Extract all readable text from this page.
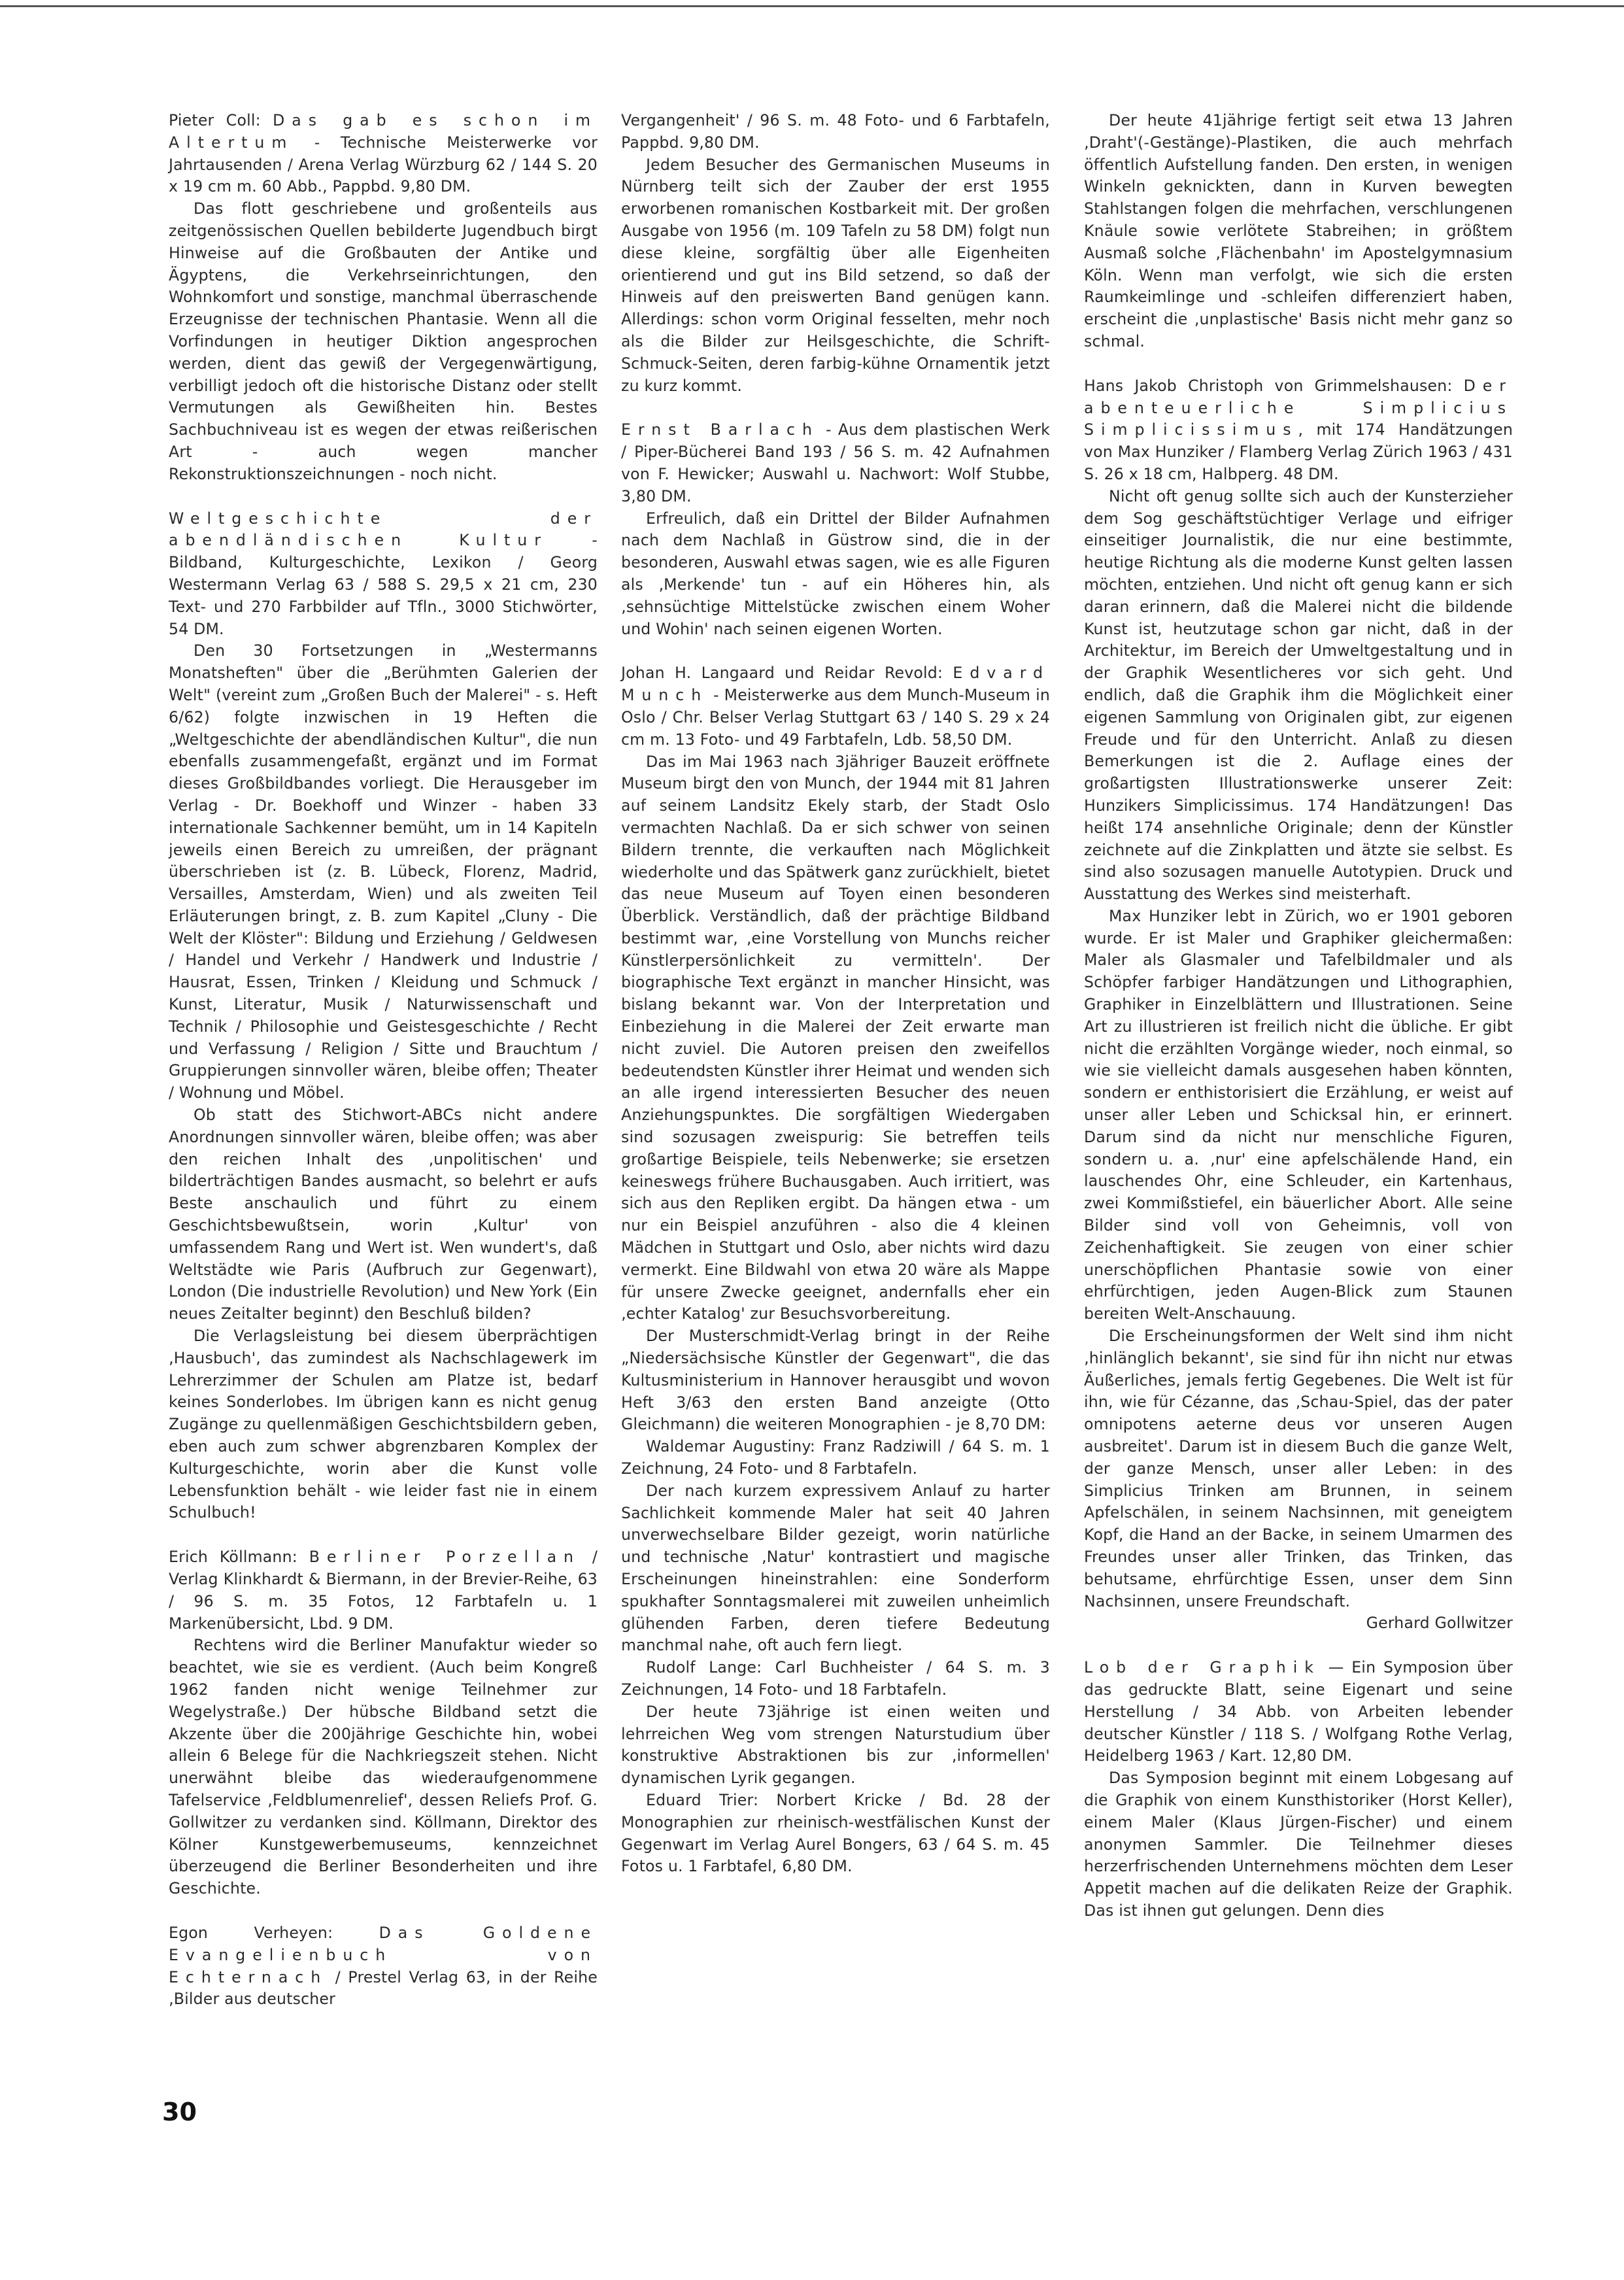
Pieter Coll: Das gab es schon im Altertum - Technische Meisterwerke vor Jahrtausenden / Arena Verlag Würzburg 62 / 144 S. 20 x 19 cm m. 60 Abb., Pappbd. 9,80 DM.

Das flott geschriebene und großenteils aus zeitgenössischen Quellen bebilderte Jugendbuch birgt Hinweise auf die Großbauten der Antike und Ägyptens, die Verkehrseinrichtungen, den Wohnkomfort und sonstige, manchmal überraschende Erzeugnisse der technischen Phantasie. Wenn all die Vorfindungen in heutiger Diktion angesprochen werden, dient das gewiß der Vergegenwärtigung, verbilligt jedoch oft die historische Distanz oder stellt Vermutungen als Gewißheiten hin. Bestes Sachbuchniveau ist es wegen der etwas reißerischen Art - auch wegen mancher Rekonstruktionszeichnungen - noch nicht.

Weltgeschichte der abendländischen Kultur - Bildband, Kulturgeschichte, Lexikon / Georg Westermann Verlag 63 / 588 S. 29,5 x 21 cm, 230 Text- und 270 Farbbilder auf Tfln., 3000 Stichwörter, 54 DM.

Den 30 Fortsetzungen in „Westermanns Monatsheften" über die „Berühmten Galerien der Welt" (vereint zum „Großen Buch der Malerei" - s. Heft 6/62) folgte inzwischen in 19 Heften die „Weltgeschichte der abendländischen Kultur", die nun ebenfalls zusammengefaßt, ergänzt und im Format dieses Großbildbandes vorliegt. Die Herausgeber im Verlag - Dr. Boekhoff und Winzer - haben 33 internationale Sachkenner bemüht, um in 14 Kapiteln jeweils einen Bereich zu umreißen, der prägnant überschrieben ist (z. B. Lübeck, Florenz, Madrid, Versailles, Amsterdam, Wien) und als zweiten Teil Erläuterungen bringt, z. B. zum Kapitel „Cluny - Die Welt der Klöster": Bildung und Erziehung / Geldwesen / Handel und Verkehr / Handwerk und Industrie / Hausrat, Essen, Trinken / Kleidung und Schmuck / Kunst, Literatur, Musik / Naturwissenschaft und Technik / Philosophie und Geistesgeschichte / Recht und Verfassung / Religion / Sitte und Brauchtum / Gruppierungen sinnvoller wären, bleibe offen; Theater / Wohnung und Möbel.

Ob statt des Stichwort-ABCs nicht andere Anordnungen sinnvoller wären, bleibe offen; was aber den reichen Inhalt des ‚unpolitischen' und bilderträchtigen Bandes ausmacht, so belehrt er aufs Beste anschaulich und führt zu einem Geschichtsbewußtsein, worin ‚Kultur' von umfassendem Rang und Wert ist. Wen wundert's, daß Weltstädte wie Paris (Aufbruch zur Gegenwart), London (Die industrielle Revolution) und New York (Ein neues Zeitalter beginnt) den Beschluß bilden?

Die Verlagsleistung bei diesem überprächtigen ‚Hausbuch', das zumindest als Nachschlagewerk im Lehrerzimmer der Schulen am Platze ist, bedarf keines Sonderlobes. Im übrigen kann es nicht genug Zugänge zu quellenmäßigen Geschichtsbildern geben, eben auch zum schwer abgrenzbaren Komplex der Kulturgeschichte, worin aber die Kunst volle Lebensfunktion behält - wie leider fast nie in einem Schulbuch!

Erich Köllmann: Berliner Porzellan / Verlag Klinkhardt & Biermann, in der Brevier-Reihe, 63 / 96 S. m. 35 Fotos, 12 Farbtafeln u. 1 Markenübersicht, Lbd. 9 DM.

Rechtens wird die Berliner Manufaktur wieder so beachtet, wie sie es verdient. (Auch beim Kongreß 1962 fanden nicht wenige Teilnehmer zur Wegelystraße.) Der hübsche Bildband setzt die Akzente über die 200jährige Geschichte hin, wobei allein 6 Belege für die Nachkriegszeit stehen. Nicht unerwähnt bleibe das wiederaufgenommene Tafelservice ‚Feldblumenrelief', dessen Reliefs Prof. G. Gollwitzer zu verdanken sind. Köllmann, Direktor des Kölner Kunstgewerbemuseums, kennzeichnet überzeugend die Berliner Besonderheiten und ihre Geschichte.

Egon Verheyen: Das Goldene Evangelienbuch von Echternach / Prestel Verlag 63, in der Reihe ‚Bilder aus deutscher

Vergangenheit' / 96 S. m. 48 Foto- und 6 Farbtafeln, Pappbd. 9,80 DM.

Jedem Besucher des Germanischen Museums in Nürnberg teilt sich der Zauber der erst 1955 erworbenen romanischen Kostbarkeit mit. Der großen Ausgabe von 1956 (m. 109 Tafeln zu 58 DM) folgt nun diese kleine, sorgfältig über alle Eigenheiten orientierend und gut ins Bild setzend, so daß der Hinweis auf den preiswerten Band genügen kann. Allerdings: schon vorm Original fesselten, mehr noch als die Bilder zur Heilsgeschichte, die Schrift-Schmuck-Seiten, deren farbig-kühne Ornamentik jetzt zu kurz kommt.

Ernst Barlach - Aus dem plastischen Werk / Piper-Bücherei Band 193 / 56 S. m. 42 Aufnahmen von F. Hewicker; Auswahl u. Nachwort: Wolf Stubbe, 3,80 DM.

Erfreulich, daß ein Drittel der Bilder Aufnahmen nach dem Nachlaß in Güstrow sind, die in der besonderen, Auswahl etwas sagen, wie es alle Figuren als ‚Merkende' tun - auf ein Höheres hin, als ‚sehnsüchtige Mittelstücke zwischen einem Woher und Wohin' nach seinen eigenen Worten.

Johan H. Langaard und Reidar Revold: Edvard Munch - Meisterwerke aus dem Munch-Museum in Oslo / Chr. Belser Verlag Stuttgart 63 / 140 S. 29 x 24 cm m. 13 Foto- und 49 Farbtafeln, Ldb. 58,50 DM.

Das im Mai 1963 nach 3jähriger Bauzeit eröffnete Museum birgt den von Munch, der 1944 mit 81 Jahren auf seinem Landsitz Ekely starb, der Stadt Oslo vermachten Nachlaß. Da er sich schwer von seinen Bildern trennte, die verkauften nach Möglichkeit wiederholte und das Spätwerk ganz zurückhielt, bietet das neue Museum auf Toyen einen besonderen Überblick. Verständlich, daß der prächtige Bildband bestimmt war, ‚eine Vorstellung von Munchs reicher Künstlerpersönlichkeit zu vermitteln'. Der biographische Text ergänzt in mancher Hinsicht, was bislang bekannt war. Von der Interpretation und Einbeziehung in die Malerei der Zeit erwarte man nicht zuviel. Die Autoren preisen den zweifellos bedeutendsten Künstler ihrer Heimat und wenden sich an alle irgend interessierten Besucher des neuen Anziehungspunktes. Die sorgfältigen Wiedergaben sind sozusagen zweispurig: Sie betreffen teils großartige Beispiele, teils Nebenwerke; sie ersetzen keineswegs frühere Buchausgaben. Auch irritiert, was sich aus den Repliken ergibt. Da hängen etwa - um nur ein Beispiel anzuführen - also die 4 kleinen Mädchen in Stuttgart und Oslo, aber nichts wird dazu vermerkt. Eine Bildwahl von etwa 20 wäre als Mappe für unsere Zwecke geeignet, andernfalls eher ein ‚echter Katalog' zur Besuchsvorbereitung.

Der Musterschmidt-Verlag bringt in der Reihe „Niedersächsische Künstler der Gegenwart", die das Kultusministerium in Hannover herausgibt und wovon Heft 3/63 den ersten Band anzeigte (Otto Gleichmann) die weiteren Monographien - je 8,70 DM:

Waldemar Augustiny: Franz Radziwill / 64 S. m. 1 Zeichnung, 24 Foto- und 8 Farbtafeln.

Der nach kurzem expressivem Anlauf zu harter Sachlichkeit kommende Maler hat seit 40 Jahren unverwechselbare Bilder gezeigt, worin natürliche und technische ‚Natur' kontrastiert und magische Erscheinungen hineinstrahlen: eine Sonderform spukhafter Sonntagsmalerei mit zuweilen unheimlich glühenden Farben, deren tiefere Bedeutung manchmal nahe, oft auch fern liegt.

Rudolf Lange: Carl Buchheister / 64 S. m. 3 Zeichnungen, 14 Foto- und 18 Farbtafeln.

Der heute 73jährige ist einen weiten und lehrreichen Weg vom strengen Naturstudium über konstruktive Abstraktionen bis zur ‚informellen' dynamischen Lyrik gegangen.

Eduard Trier: Norbert Kricke / Bd. 28 der Monographien zur rheinisch-westfälischen Kunst der Gegenwart im Verlag Aurel Bongers, 63 / 64 S. m. 45 Fotos u. 1 Farbtafel, 6,80 DM.

Der heute 41jährige fertigt seit etwa 13 Jahren ‚Draht'(-Gestänge)-Plastiken, die auch mehrfach öffentlich Aufstellung fanden. Den ersten, in wenigen Winkeln geknickten, dann in Kurven bewegten Stahlstangen folgen die mehrfachen, verschlungenen Knäule sowie verlötete Stabreihen; in größtem Ausmaß solche ‚Flächenbahn' im Apostelgymnasium Köln. Wenn man verfolgt, wie sich die ersten Raumkeimlinge und -schleifen differenziert haben, erscheint die ‚unplastische' Basis nicht mehr ganz so schmal.

Hans Jakob Christoph von Grimmelshausen: Der abenteuerliche Simplicius Simplicissimus, mit 174 Handätzungen von Max Hunziker / Flamberg Verlag Zürich 1963 / 431 S. 26 x 18 cm, Halbperg. 48 DM.

Nicht oft genug sollte sich auch der Kunsterzieher dem Sog geschäftstüchtiger Verlage und eifriger einseitiger Journalistik, die nur eine bestimmte, heutige Richtung als die moderne Kunst gelten lassen möchten, entziehen. Und nicht oft genug kann er sich daran erinnern, daß die Malerei nicht die bildende Kunst ist, heutzutage schon gar nicht, daß in der Architektur, im Bereich der Umweltgestaltung und in der Graphik Wesentlicheres vor sich geht. Und endlich, daß die Graphik ihm die Möglichkeit einer eigenen Sammlung von Originalen gibt, zur eigenen Freude und für den Unterricht. Anlaß zu diesen Bemerkungen ist die 2. Auflage eines der großartigsten Illustrationswerke unserer Zeit: Hunzikers Simplicissimus. 174 Handätzungen! Das heißt 174 ansehnliche Originale; denn der Künstler zeichnete auf die Zinkplatten und ätzte sie selbst. Es sind also sozusagen manuelle Autotypien. Druck und Ausstattung des Werkes sind meisterhaft.

Max Hunziker lebt in Zürich, wo er 1901 geboren wurde. Er ist Maler und Graphiker gleichermaßen: Maler als Glasmaler und Tafelbildmaler und als Schöpfer farbiger Handätzungen und Lithographien, Graphiker in Einzelblättern und Illustrationen. Seine Art zu illustrieren ist freilich nicht die übliche. Er gibt nicht die erzählten Vorgänge wieder, noch einmal, so wie sie vielleicht damals ausgesehen haben könnten, sondern er enthistorisiert die Erzählung, er weist auf unser aller Leben und Schicksal hin, er erinnert. Darum sind da nicht nur menschliche Figuren, sondern u. a. ‚nur' eine apfelschälende Hand, ein lauschendes Ohr, eine Schleuder, ein Kartenhaus, zwei Kommißstiefel, ein bäuerlicher Abort. Alle seine Bilder sind voll von Geheimnis, voll von Zeichenhaftigkeit. Sie zeugen von einer schier unerschöpflichen Phantasie sowie von einer ehrfürchtigen, jeden Augen-Blick zum Staunen bereiten Welt-Anschauung.

Die Erscheinungsformen der Welt sind ihm nicht ‚hinlänglich bekannt', sie sind für ihn nicht nur etwas Äußerliches, jemals fertig Gegebenes. Die Welt ist für ihn, wie für Cézanne, das ‚Schau-Spiel, das der pater omnipotens aeterne deus vor unseren Augen ausbreitet'. Darum ist in diesem Buch die ganze Welt, der ganze Mensch, unser aller Leben: in des Simplicius Trinken am Brunnen, in seinem Apfelschälen, in seinem Nachsinnen, mit geneigtem Kopf, die Hand an der Backe, in seinem Umarmen des Freundes unser aller Trinken, das Trinken, das behutsame, ehrfürchtige Essen, unser dem Sinn Nachsinnen, unsere Freundschaft.

Gerhard Gollwitzer

Lob der Graphik — Ein Symposion über das gedruckte Blatt, seine Eigenart und seine Herstellung / 34 Abb. von Arbeiten lebender deutscher Künstler / 118 S. / Wolfgang Rothe Verlag, Heidelberg 1963 / Kart. 12,80 DM.

Das Symposion beginnt mit einem Lobgesang auf die Graphik von einem Kunsthistoriker (Horst Keller), einem Maler (Klaus Jürgen-Fischer) und einem anonymen Sammler. Die Teilnehmer dieses herzerfrischenden Unternehmens möchten dem Leser Appetit machen auf die delikaten Reize der Graphik. Das ist ihnen gut gelungen. Denn dies

30
